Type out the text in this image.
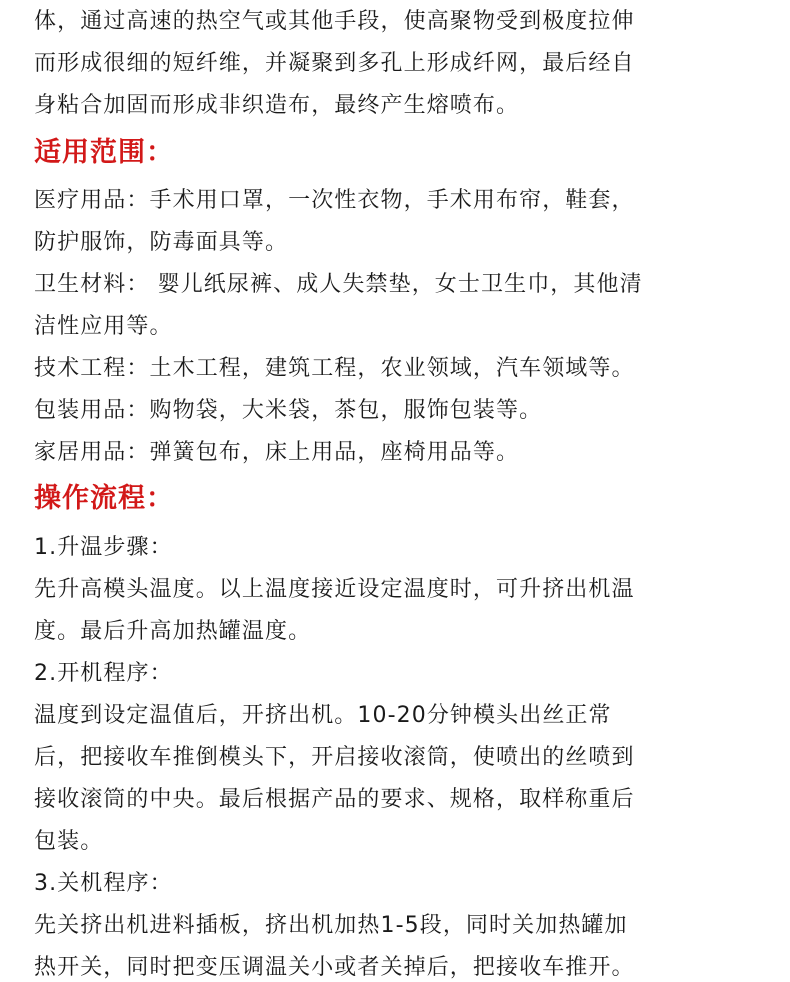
体，通过高速的热空气或其他手段，使高聚物受到极度拉伸
而形成很细的短纤维，并凝聚到多孔上形成纤网，最后经自
身粘合加固而形成非织造布，最终产生熔喷布。
适用范围：
医疗用品：手术用口罩，一次性衣物，手术用布帘，鞋套，
防护服饰，防毒面具等。
卫生材料： 婴儿纸尿裤、成人失禁垫，女士卫生巾，其他清
洁性应用等。
技术工程：土木工程，建筑工程，农业领域，汽车领域等。
包装用品：购物袋，大米袋，茶包，服饰包装等。
家居用品：弹簧包布，床上用品，座椅用品等。
操作流程：
1.升温步骤：
先升高模头温度。以上温度接近设定温度时，可升挤出机温
度。最后升高加热罐温度。
2.开机程序：
温度到设定温值后，开挤出机。10-20分钟模头出丝正常
后，把接收车推倒模头下，开启接收滚筒，使喷出的丝喷到
接收滚筒的中央。最后根据产品的要求、规格，取样称重后
包装。
3.关机程序：
先关挤出机进料插板，挤出机加热1-5段，同时关加热罐加
热开关，同时把变压调温关小或者关掉后，把接收车推开。
